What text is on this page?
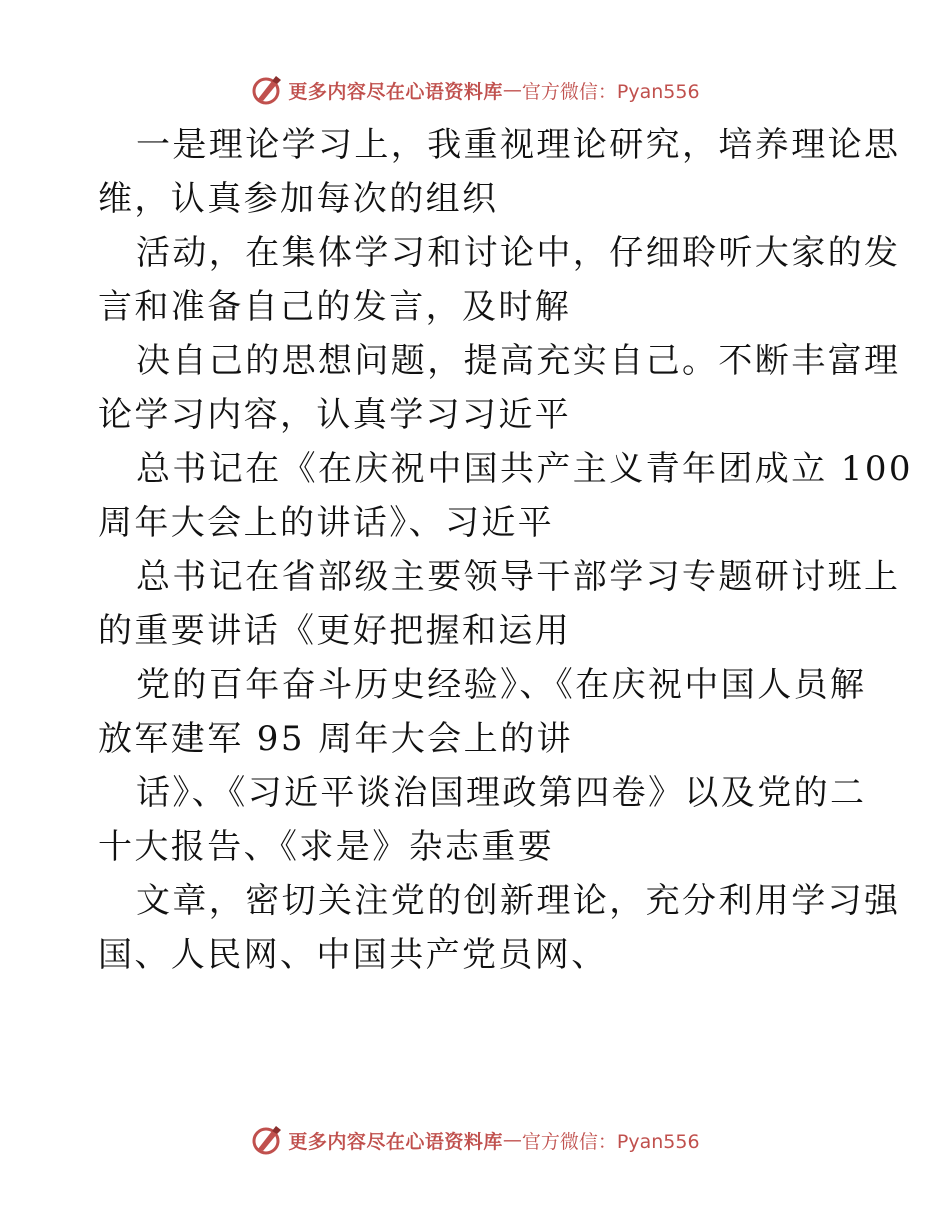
更多内容尽在心语资料库 — 官方微信：Pyan556
一是理论学习上，我重视理论研究，培养理论思
维，认真参加每次的组织
活动，在集体学习和讨论中，仔细聆听大家的发
言和准备自己的发言，及时解
决自己的思想问题，提高充实自己。不断丰富理
论学习内容，认真学习习近平
总书记在《在庆祝中国共产主义青年团成立 100
周年大会上的讲话》、习近平
总书记在省部级主要领导干部学习专题研讨班上
的重要讲话《更好把握和运用
党的百年奋斗历史经验》、《在庆祝中国人员解
放军建军 95 周年大会上的讲
话》、《习近平谈治国理政第四卷》以及党的二
十大报告、《求是》杂志重要
文章，密切关注党的创新理论，充分利用学习强
国、人民网、中国共产党员网、
更多内容尽在心语资料库 — 官方微信：Pyan556
